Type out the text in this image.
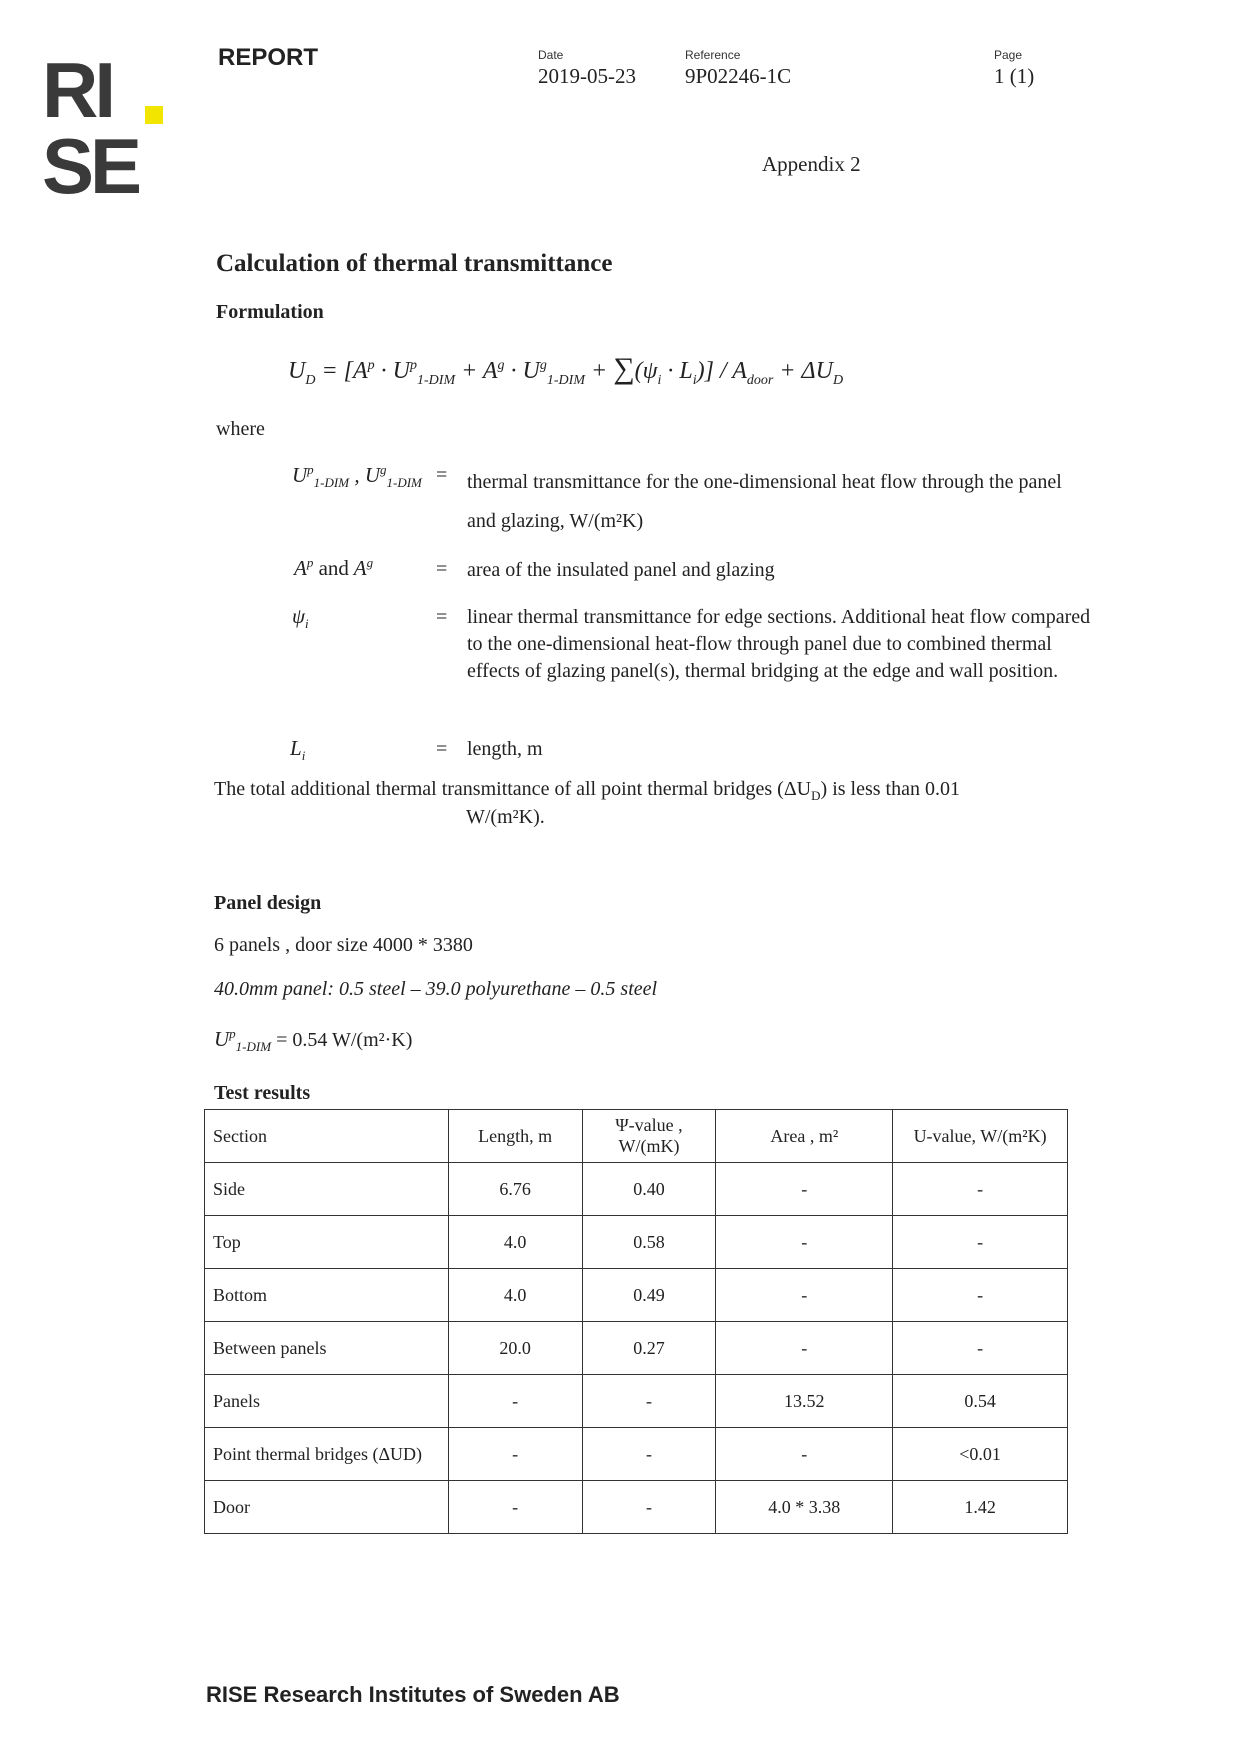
RI
SE
REPORT	Date
2019-05-23
Reference
9P02246-1C
Page
1 (1)
Appendix 2
Calculation of thermal transmittance
Formulation
$U_D = [A^p \cdot U^p_{1-DIM} + A^g \cdot U^g_{1-DIM} + \sum(\psi_i \cdot L_i)] / A_{door} + \Delta U_D$
where
$U^p_{1-DIM}$ , $U^g_{1-DIM}$ = thermal transmittance for the one-dimensional heat flow through the panel and glazing, W/(m²K)
$A^p$ and $A^g$	= area of the insulated panel and glazing
$\psi_i$	= linear thermal transmittance for edge sections. Additional heat flow compared to the one-dimensional heat-flow through panel due to combined thermal effects of glazing panel(s), thermal bridging at the edge and wall position.
$L_i$	= length, m
The total additional thermal transmittance of all point thermal bridges $(\Delta U_D)$ is less than 0.01
W/(m²K).
Panel design
6 panels , door size 4000 * 3380
40.0mm panel: 0.5 steel – 39.0 polyurethane – 0.5 steel
$U^p_{1-DIM} = 0.54$ W/(m²·K)
Test results
Section	Length, m	Ψ-value , W/(mK)	Area , m²	U-value, W/(m²K)
Side	6.76	0.40	-	-
Top	4.0	0.58	-	-
Bottom	4.0	0.49	-	-
Between panels	20.0	0.27	-	-
Panels	-	-	13.52	0.54
Point thermal bridges (ΔUD)	-	-	-	<0.01
Door	-	-	4.0 * 3.38	1.42
RISE Research Institutes of Sweden AB
